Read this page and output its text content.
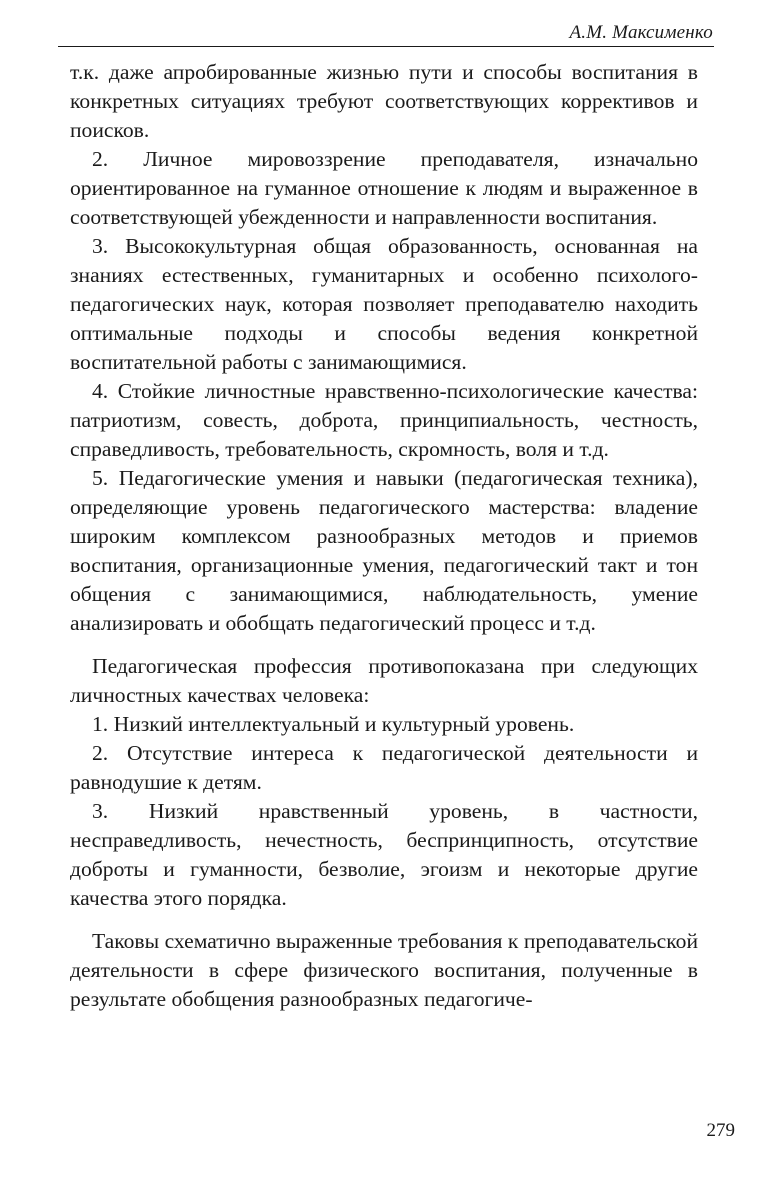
А.М. Максименко

т.к. даже апробированные жизнью пути и способы воспитания в конкретных ситуациях требуют соответствующих коррективов и поисков.

2. Личное мировоззрение преподавателя, изначально ориентированное на гуманное отношение к людям и выраженное в соответствующей убежденности и направленности воспитания.

3. Высококультурная общая образованность, основанная на знаниях естественных, гуманитарных и особенно психолого-педагогических наук, которая позволяет преподавателю находить оптимальные подходы и способы ведения конкретной воспитательной работы с занимающимися.

4. Стойкие личностные нравственно-психологические качества: патриотизм, совесть, доброта, принципиальность, честность, справедливость, требовательность, скромность, воля и т.д.

5. Педагогические умения и навыки (педагогическая техника), определяющие уровень педагогического мастерства: владение широким комплексом разнообразных методов и приемов воспитания, организационные умения, педагогический такт и тон общения с занимающимися, наблюдательность, умение анализировать и обобщать педагогический процесс и т.д.

Педагогическая профессия противопоказана при следующих личностных качествах человека:

1. Низкий интеллектуальный и культурный уровень.

2. Отсутствие интереса к педагогической деятельности и равнодушие к детям.

3. Низкий нравственный уровень, в частности, несправедливость, нечестность, беспринципность, отсутствие доброты и гуманности, безволие, эгоизм и некоторые другие качества этого порядка.

Таковы схематично выраженные требования к преподавательской деятельности в сфере физического воспитания, полученные в результате обобщения разнообразных педагогиче-

279
